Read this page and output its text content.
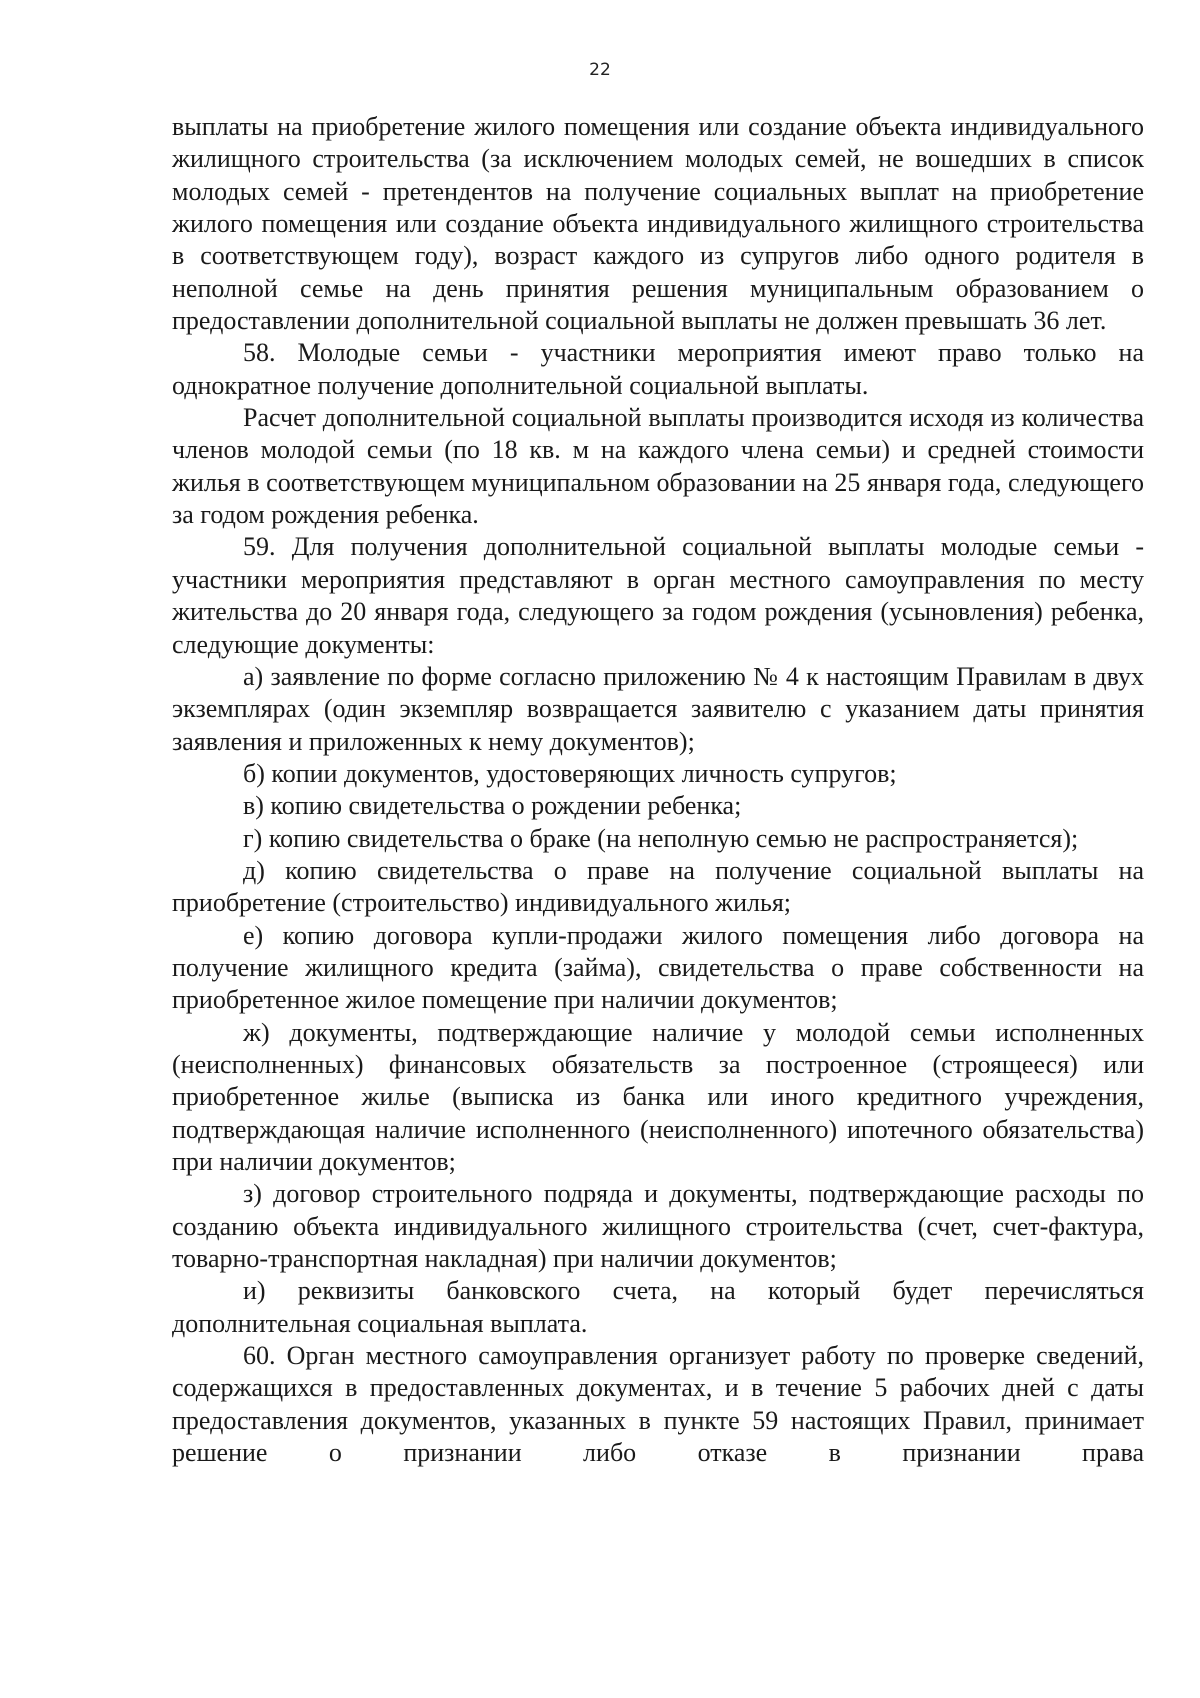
22

выплаты на приобретение жилого помещения или создание объекта индивидуального жилищного строительства (за исключением молодых семей, не вошедших в список молодых семей - претендентов на получение социальных выплат на приобретение жилого помещения или создание объекта индивидуального жилищного строительства в соответствующем году), возраст каждого из супругов либо одного родителя в неполной семье на день принятия решения муниципальным образованием о предоставлении дополнительной социальной выплаты не должен превышать 36 лет.

58. Молодые семьи - участники мероприятия имеют право только на однократное получение дополнительной социальной выплаты.

Расчет дополнительной социальной выплаты производится исходя из количества членов молодой семьи (по 18 кв. м на каждого члена семьи) и средней стоимости жилья в соответствующем муниципальном образовании на 25 января года, следующего за годом рождения ребенка.

59. Для получения дополнительной социальной выплаты молодые семьи - участники мероприятия представляют в орган местного самоуправления по месту жительства до 20 января года, следующего за годом рождения (усыновления) ребенка, следующие документы:

а) заявление по форме согласно приложению № 4 к настоящим Правилам в двух экземплярах (один экземпляр возвращается заявителю с указанием даты принятия заявления и приложенных к нему документов);

б) копии документов, удостоверяющих личность супругов;

в) копию свидетельства о рождении ребенка;

г) копию свидетельства о браке (на неполную семью не распространяется);

д) копию свидетельства о праве на получение социальной выплаты на приобретение (строительство) индивидуального жилья;

е) копию договора купли-продажи жилого помещения либо договора на получение жилищного кредита (займа), свидетельства о праве собственности на приобретенное жилое помещение при наличии документов;

ж) документы, подтверждающие наличие у молодой семьи исполненных (неисполненных) финансовых обязательств за построенное (строящееся) или приобретенное жилье (выписка из банка или иного кредитного учреждения, подтверждающая наличие исполненного (неисполненного) ипотечного обязательства) при наличии документов;

з) договор строительного подряда и документы, подтверждающие расходы по созданию объекта индивидуального жилищного строительства (счет, счет-фактура, товарно-транспортная накладная) при наличии документов;

и) реквизиты банковского счета, на который будет перечисляться дополнительная социальная выплата.

60. Орган местного самоуправления организует работу по проверке сведений, содержащихся в предоставленных документах, и в течение 5 рабочих дней с даты предоставления документов, указанных в пункте 59 настоящих Правил, принимает решение о признании либо отказе в признании права
